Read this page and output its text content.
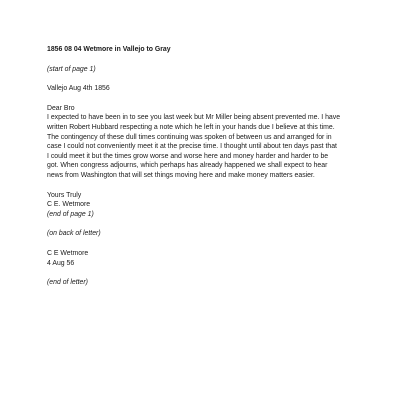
1856 08 04 Wetmore in Vallejo to Gray
(start of page 1)
Vallejo Aug 4th 1856
Dear Bro
I expected to have been in to see you last week but Mr Miller being absent prevented me. I have
written Robert Hubbard respecting a note which he left in your hands due I believe at this time.
The contingency of these dull times continuing was spoken of between us and arranged for in
case I could not conveniently meet it at the precise time. I thought until about ten days past that
I could meet it but the times grow worse and worse here and money harder and harder to be
got. When congress adjourns, which perhaps has already happened we shall expect to hear
news from Washington that will set things moving here and make money matters easier.
Yours Truly
C E. Wetmore
(end of page 1)
(on back of letter)
C E Wetmore
4 Aug 56
(end of letter)
